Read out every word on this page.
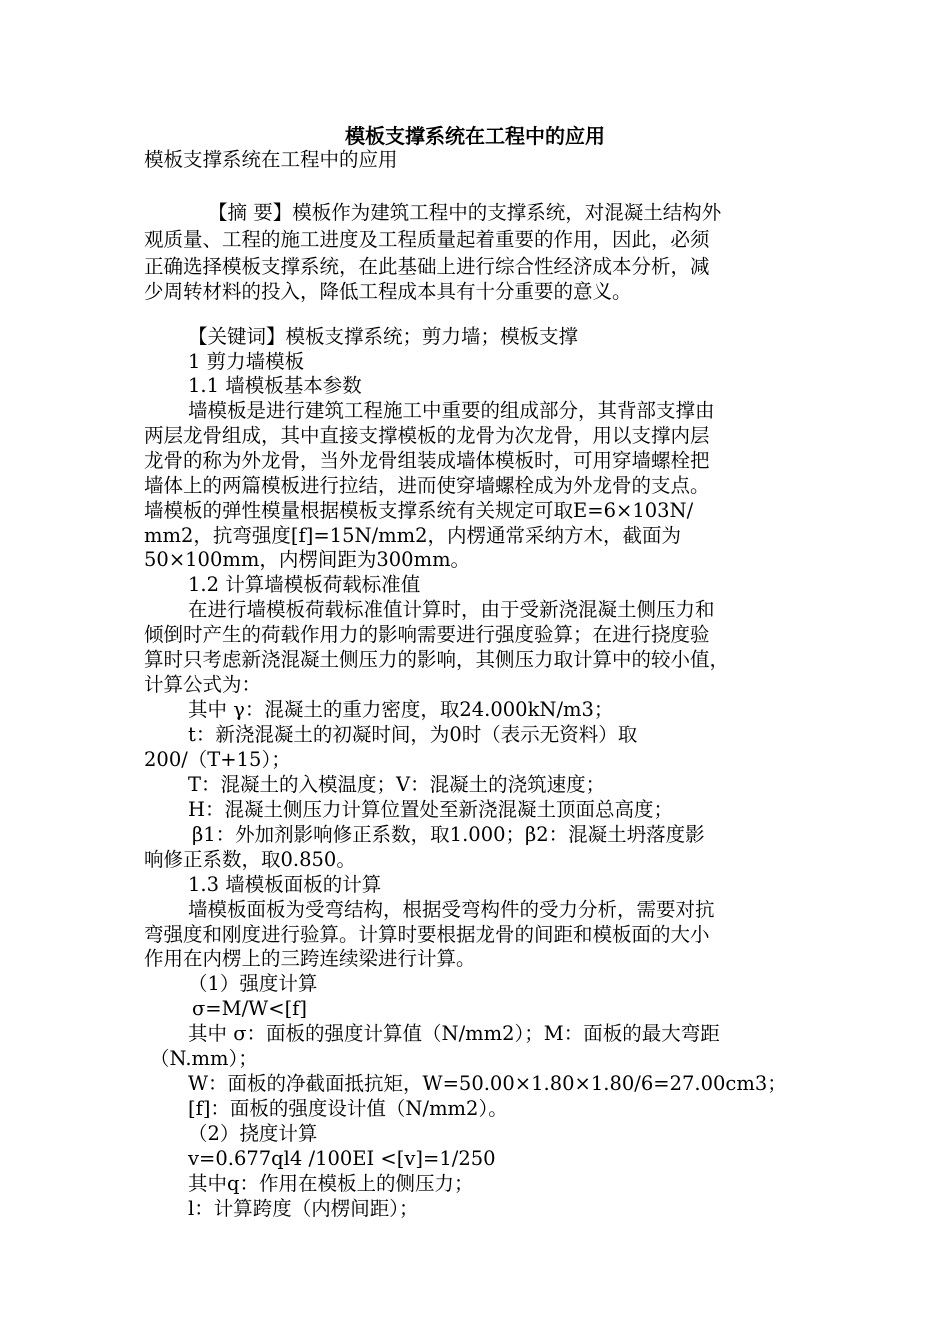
模板支撑系统在工程中的应用
模板支撑系统在工程中的应用
【摘 要】模板作为建筑工程中的支撑系统，对混凝土结构外
观质量、工程的施工进度及工程质量起着重要的作用，因此，必须
正确选择模板支撑系统，在此基础上进行综合性经济成本分析，减
少周转材料的投入，降低工程成本具有十分重要的意义。
【关键词】模板支撑系统；剪力墙；模板支撑
1 剪力墙模板
1.1 墙模板基本参数
墙模板是进行建筑工程施工中重要的组成部分，其背部支撑由
两层龙骨组成，其中直接支撑模板的龙骨为次龙骨，用以支撑内层
龙骨的称为外龙骨，当外龙骨组装成墙体模板时，可用穿墙螺栓把
墙体上的两篇模板进行拉结，进而使穿墙螺栓成为外龙骨的支点。
墙模板的弹性模量根据模板支撑系统有关规定可取E=6×103N/
mm2，抗弯强度[f]=15N/mm2，内楞通常采纳方木，截面为
50×100mm，内楞间距为300mm。
1.2 计算墙模板荷载标准值
在进行墙模板荷载标准值计算时，由于受新浇混凝土侧压力和
倾倒时产生的荷载作用力的影响需要进行强度验算；在进行挠度验
算时只考虑新浇混凝土侧压力的影响，其侧压力取计算中的较小值，
计算公式为：
其中 γ：混凝土的重力密度，取24.000kN/m3；
t：新浇混凝土的初凝时间，为0时（表示无资料）取
200/（T+15）；
T：混凝土的入模温度；V：混凝土的浇筑速度；
H：混凝土侧压力计算位置处至新浇混凝土顶面总高度；
β1：外加剂影响修正系数，取1.000；β2：混凝土坍落度影
响修正系数，取0.850。
1.3 墙模板面板的计算
墙模板面板为受弯结构，根据受弯构件的受力分析，需要对抗
弯强度和刚度进行验算。计算时要根据龙骨的间距和模板面的大小
作用在内楞上的三跨连续梁进行计算。
（1）强度计算
σ=M/W<[f]
其中 σ：面板的强度计算值（N/mm2）；M：面板的最大弯距
（N.mm）；
W：面板的净截面抵抗矩，W=50.00×1.80×1.80/6=27.00cm3；
[f]：面板的强度设计值（N/mm2）。
（2）挠度计算
v=0.677ql4 /100EI <[v]=1/250
其中q：作用在模板上的侧压力；
l：计算跨度（内楞间距）；
